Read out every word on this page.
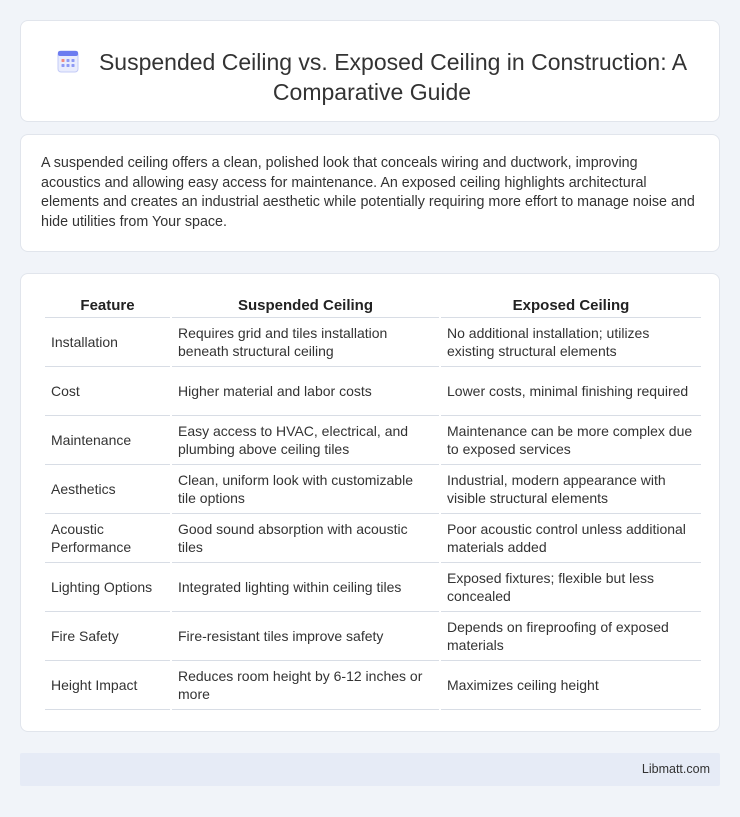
Suspended Ceiling vs. Exposed Ceiling in Construction: A Comparative Guide

A suspended ceiling offers a clean, polished look that conceals wiring and ductwork, improving acoustics and allowing easy access for maintenance. An exposed ceiling highlights architectural elements and creates an industrial aesthetic while potentially requiring more effort to manage noise and hide utilities from Your space.

Feature	Suspended Ceiling	Exposed Ceiling
Installation	Requires grid and tiles installation beneath structural ceiling	No additional installation; utilizes existing structural elements
Cost	Higher material and labor costs	Lower costs, minimal finishing required
Maintenance	Easy access to HVAC, electrical, and plumbing above ceiling tiles	Maintenance can be more complex due to exposed services
Aesthetics	Clean, uniform look with customizable tile options	Industrial, modern appearance with visible structural elements
Acoustic Performance	Good sound absorption with acoustic tiles	Poor acoustic control unless additional materials added
Lighting Options	Integrated lighting within ceiling tiles	Exposed fixtures; flexible but less concealed
Fire Safety	Fire-resistant tiles improve safety	Depends on fireproofing of exposed materials
Height Impact	Reduces room height by 6-12 inches or more	Maximizes ceiling height
Libmatt.com
